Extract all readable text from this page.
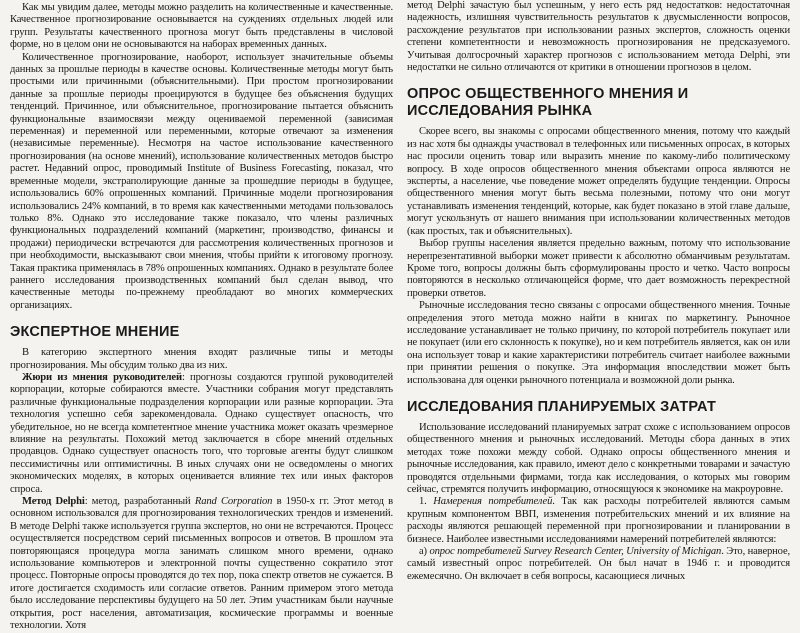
Как мы увидим далее, методы можно разделить на количественные и качественные. Качественное прогнозирование основывается на суждениях отдельных людей или групп. Результаты качественного прогноза могут быть представлены в числовой форме, но в целом они не основываются на наборах временных данных.

Количественное прогнозирование, наоборот, использует значительные объемы данных за прошлые периоды в качестве основы. Количественные методы могут быть простыми или причинными (объяснительными). При простом прогнозировании данные за прошлые периоды проецируются в будущее без объяснения будущих тенденций. Причинное, или объяснительное, прогнозирование пытается объяснить функциональные взаимосвязи между оцениваемой переменной (зависимая переменная) и переменной или переменными, которые отвечают за изменения (независимые переменные). Несмотря на частое использование качественного прогнозирования (на основе мнений), использование количественных методов быстро растет. Недавний опрос, проводимый Institute of Business Forecasting, показал, что временные модели, экстраполирующие данные за прошедшие периоды в будущее, использовались 60% опрошенных компаний. Причинные модели прогнозирования использовались 24% компаний, в то время как качественными методами пользовалось только 8%. Однако это исследование также показало, что члены различных функциональных подразделений компаний (маркетинг, производство, финансы и продажи) периодически встречаются для рассмотрения количественных прогнозов и при необходимости, высказывают свои мнения, чтобы прийти к итоговому прогнозу. Такая практика применялась в 78% опрошенных компаниях. Однако в результате более раннего исследования производственных компаний был сделан вывод, что качественные методы по-прежнему преобладают во многих коммерческих организациях.

ЭКСПЕРТНОЕ МНЕНИЕ

В категорию экспертного мнения входят различные типы и методы прогнозирования. Мы обсудим только два из них.

Жюри из мнения руководителей: прогнозы создаются группой руководителей корпорации, которые собираются вместе. Участники собрания могут представлять различные функциональные подразделения корпорации или разные корпорации. Эта технология успешно себя зарекомендовала. Однако существует опасность, что убедительное, но не всегда компетентное мнение участника может оказать чрезмерное влияние на результаты. Похожий метод заключается в сборе мнений отдельных продавцов. Однако существует опасность того, что торговые агенты будут слишком пессимистичны или оптимистичны. В иных случаях они не осведомлены о многих экономических моделях, в которых оценивается влияние тех или иных факторов спроса.

Метод Delphi: метод, разработанный Rand Corporation в 1950-х гг. Этот метод в основном использовался для прогнозирования технологических трендов и изменений. В методе Delphi также используется группа экспертов, но они не встречаются. Процесс осуществляется посредством серий письменных вопросов и ответов. В прошлом эта повторяющаяся процедура могла занимать слишком много времени, однако использование компьютеров и электронной почты существенно сократило этот процесс. Повторные опросы проводятся до тех пор, пока спектр ответов не сужается. В итоге достигается сходимость или согласие ответов. Ранним примером этого метода было исследование перспективы будущего на 50 лет. Этим участникам были научные открытия, рост населения, автоматизация, космические программы и военные технологии. Хотя

метод Delphi зачастую был успешным, у него есть ряд недостатков: недостаточная надежность, излишняя чувствительность результатов к двусмысленности вопросов, расхождение результатов при использовании разных экспертов, сложность оценки степени компетентности и невозможность прогнозирования не предсказуемого. Учитывая долгосрочный характер прогнозов с использованием метода Delphi, эти недостатки не сильно отличаются от критики в отношении прогнозов в целом.

ОПРОС ОБЩЕСТВЕННОГО МНЕНИЯ И ИССЛЕДОВАНИЯ РЫНКА

Скорее всего, вы знакомы с опросами общественного мнения, потому что каждый из нас хотя бы однажды участвовал в телефонных или письменных опросах, в которых нас просили оценить товар или выразить мнение по какому-либо политическому вопросу. В ходе опросов общественного мнения объектами опроса являются не эксперты, а население, чье поведение может определять будущие тенденции. Опросы общественного мнения могут быть весьма полезными, потому что они могут устанавливать изменения тенденций, которые, как будет показано в этой главе дальше, могут ускользнуть от нашего внимания при использовании количественных методов (как простых, так и объяснительных).

Выбор группы населения является предельно важным, потому что использование нерепрезентативной выборки может привести к абсолютно обманчивым результатам. Кроме того, вопросы должны быть сформулированы просто и четко. Часто вопросы повторяются в несколько отличающейся форме, что дает возможность перекрестной проверки ответов.

Рыночные исследования тесно связаны с опросами общественного мнения. Точные определения этого метода можно найти в книгах по маркетингу. Рыночное исследование устанавливает не только причину, по которой потребитель покупает или не покупает (или его склонность к покупке), но и кем потребитель является, как он или она использует товар и какие характеристики потребитель считает наиболее важными при принятии решения о покупке. Эта информация впоследствии может быть использована для оценки рыночного потенциала и возможной доли рынка.

ИССЛЕДОВАНИЯ ПЛАНИРУЕМЫХ ЗАТРАТ

Использование исследований планируемых затрат схоже с использованием опросов общественного мнения и рыночных исследований. Методы сбора данных в этих методах тоже похожи между собой. Однако опросы общественного мнения и рыночные исследования, как правило, имеют дело с конкретными товарами и зачастую проводятся отдельными фирмами, тогда как исследования, о которых мы говорим сейчас, стремятся получить информацию, относящуюся к экономике на макроуровне.

1. Намерения потребителей. Так как расходы потребителей являются самым крупным компонентом ВВП, изменения потребительских мнений и их влияние на расходы являются решающей переменной при прогнозировании и планировании в бизнесе. Наиболее известными исследованиями намерений потребителей являются:

а) опрос потребителей Survey Research Center, University of Michigan. Это, наверное, самый известный опрос потребителей. Он был начат в 1946 г. и проводится ежемесячно. Он включает в себя вопросы, касающиеся личных
